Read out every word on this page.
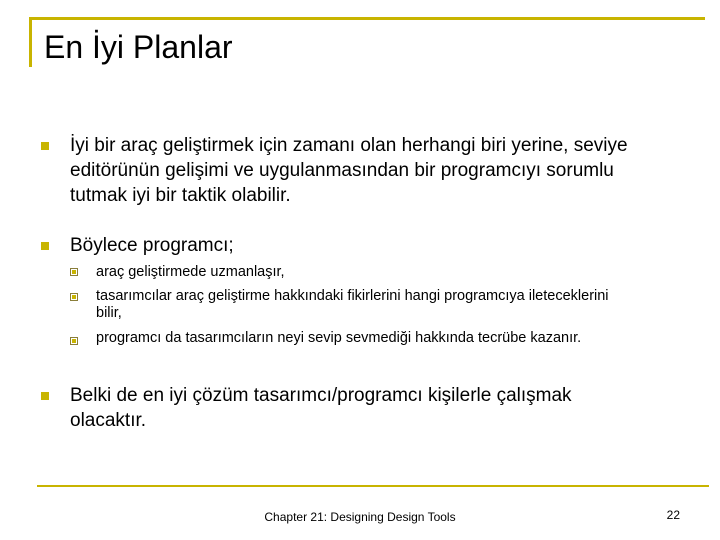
En İyi Planlar
İyi bir araç geliştirmek için zamanı olan herhangi biri yerine, seviye
editörünün gelişimi ve uygulanmasından bir programcıyı sorumlu
tutmak iyi bir taktik olabilir.
Böylece programcı;
araç geliştirmede uzmanlaşır,
tasarımcılar araç geliştirme hakkındaki fikirlerini hangi programcıya ileteceklerini
bilir,
programcı da tasarımcıların neyi sevip sevmediği hakkında tecrübe kazanır.
Belki de en iyi çözüm tasarımcı/programcı kişilerle çalışmak
olacaktır.
Chapter 21: Designing Design Tools	22
